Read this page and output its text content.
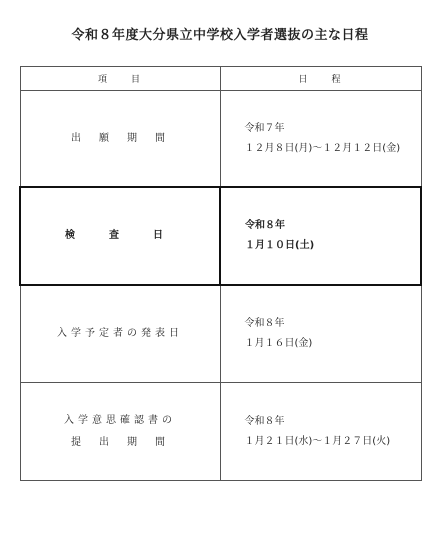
令和８年度大分県立中学校入学者選抜の主な日程
項　　目	日　　程

出　願　期　間	令和７年
１２月８日(月)～１２月１２日(金)

検　査　日	令和８年
１月１０日(土)

入学予定者の発表日	令和８年
１月１６日(金)

入学意思確認書の
提　出　期　間	令和８年
１月２１日(水)～１月２７日(火)
